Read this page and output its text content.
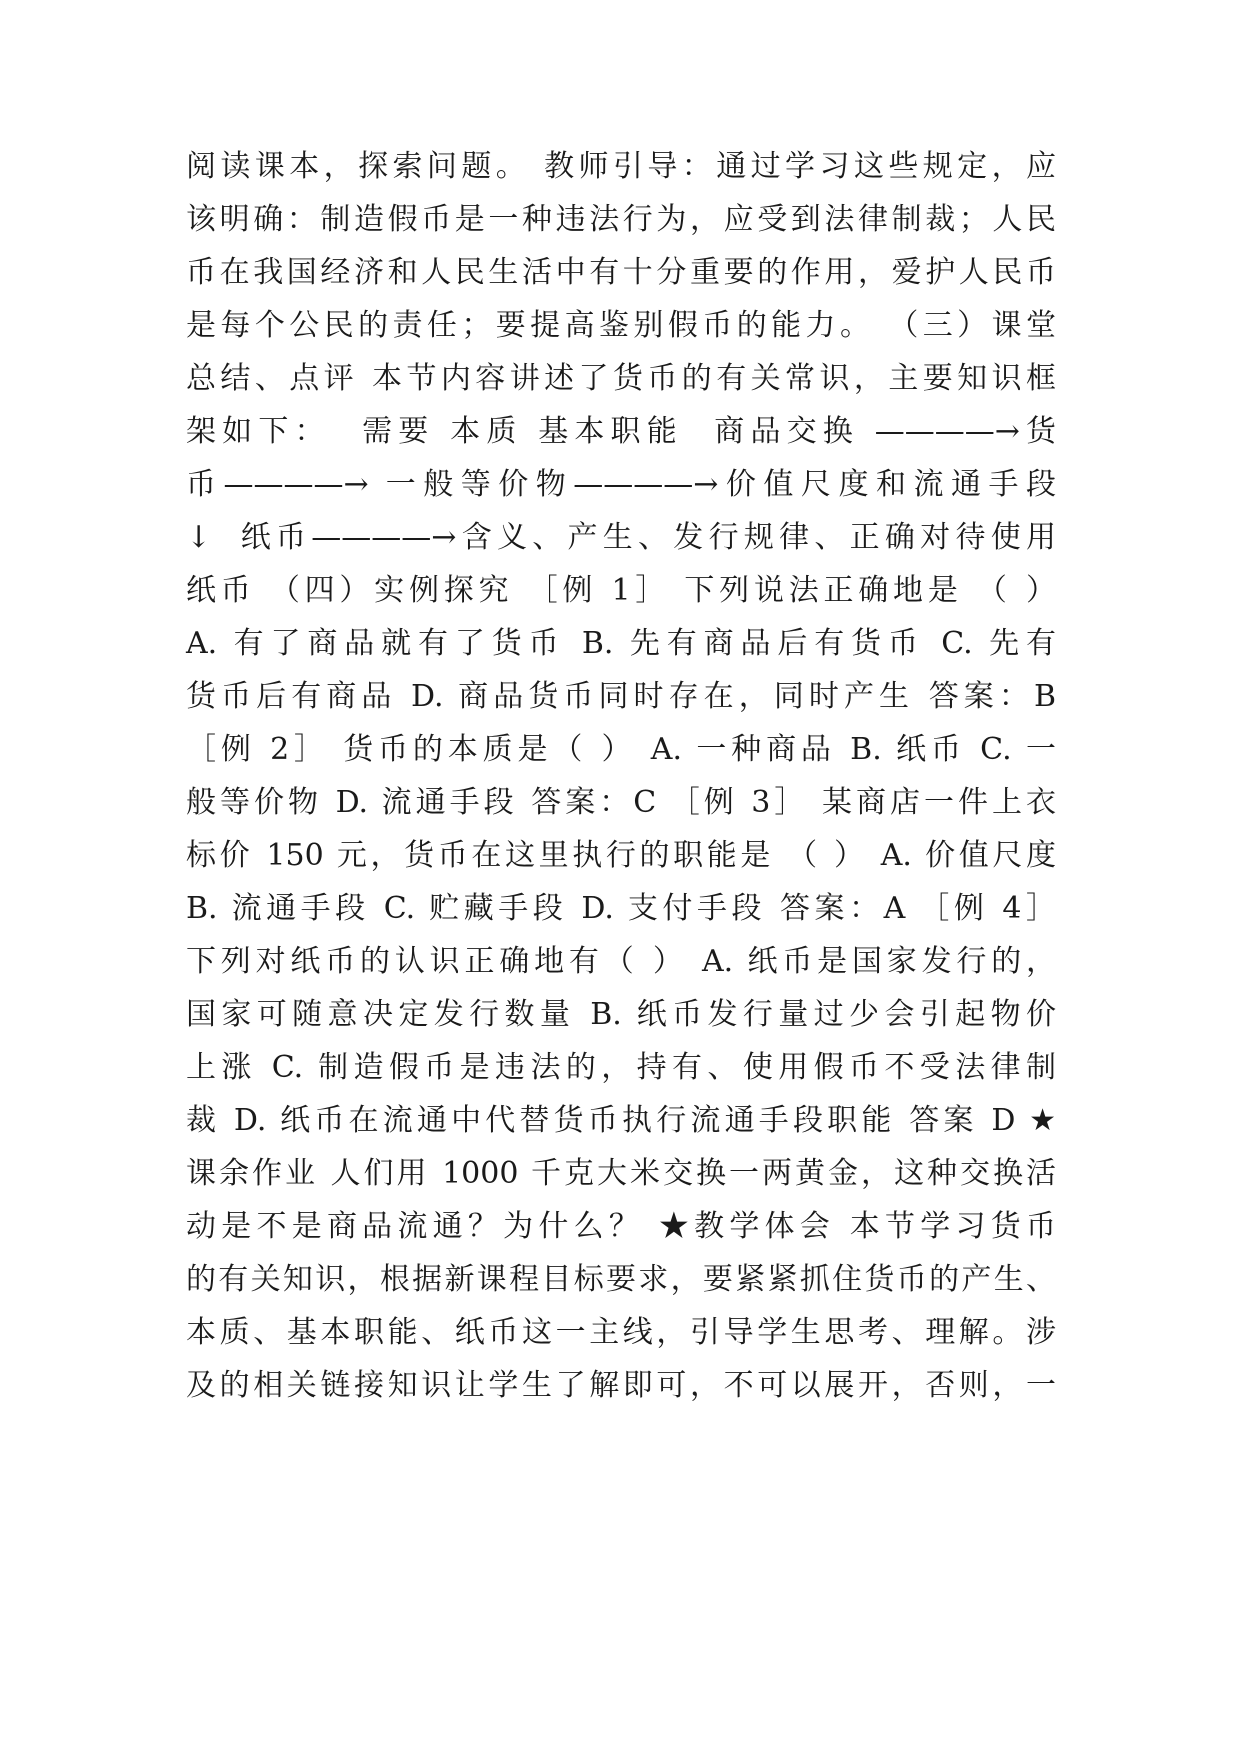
阅读课本，探索问题。 教师引导：通过学习这些规定，应
该明确：制造假币是一种违法行为，应受到法律制裁；人民
币在我国经济和人民生活中有十分重要的作用，爱护人民币
是每个公民的责任；要提高鉴别假币的能力。 （三）课堂
总结、点评 本节内容讲述了货币的有关常识，主要知识框
架如下：  需要 本质 基本职能  商品交换 ————→货
币————→ 一般等价物————→价值尺度和流通手段
↓  纸币————→含义、产生、发行规律、正确对待使用
纸币 （四）实例探究 ［例 1］ 下列说法正确地是 （ ）
A. 有了商品就有了货币 B. 先有商品后有货币 C. 先有
货币后有商品 D. 商品货币同时存在，同时产生 答案：B
［例 2］ 货币的本质是（ ） A. 一种商品 B. 纸币 C. 一
般等价物 D. 流通手段 答案：C ［例 3］ 某商店一件上衣
标价 150 元，货币在这里执行的职能是 （ ） A. 价值尺度
B. 流通手段 C. 贮藏手段 D. 支付手段 答案：A ［例 4］
下列对纸币的认识正确地有（ ） A. 纸币是国家发行的，
国家可随意决定发行数量 B. 纸币发行量过少会引起物价
上涨 C. 制造假币是违法的，持有、使用假币不受法律制
裁 D. 纸币在流通中代替货币执行流通手段职能 答案 D ★
课余作业 人们用 1000 千克大米交换一两黄金，这种交换活
动是不是商品流通？为什么？ ★教学体会 本节学习货币
的有关知识，根据新课程目标要求，要紧紧抓住货币的产生、
本质、基本职能、纸币这一主线，引导学生思考、理解。涉
及的相关链接知识让学生了解即可，不可以展开，否则，一
